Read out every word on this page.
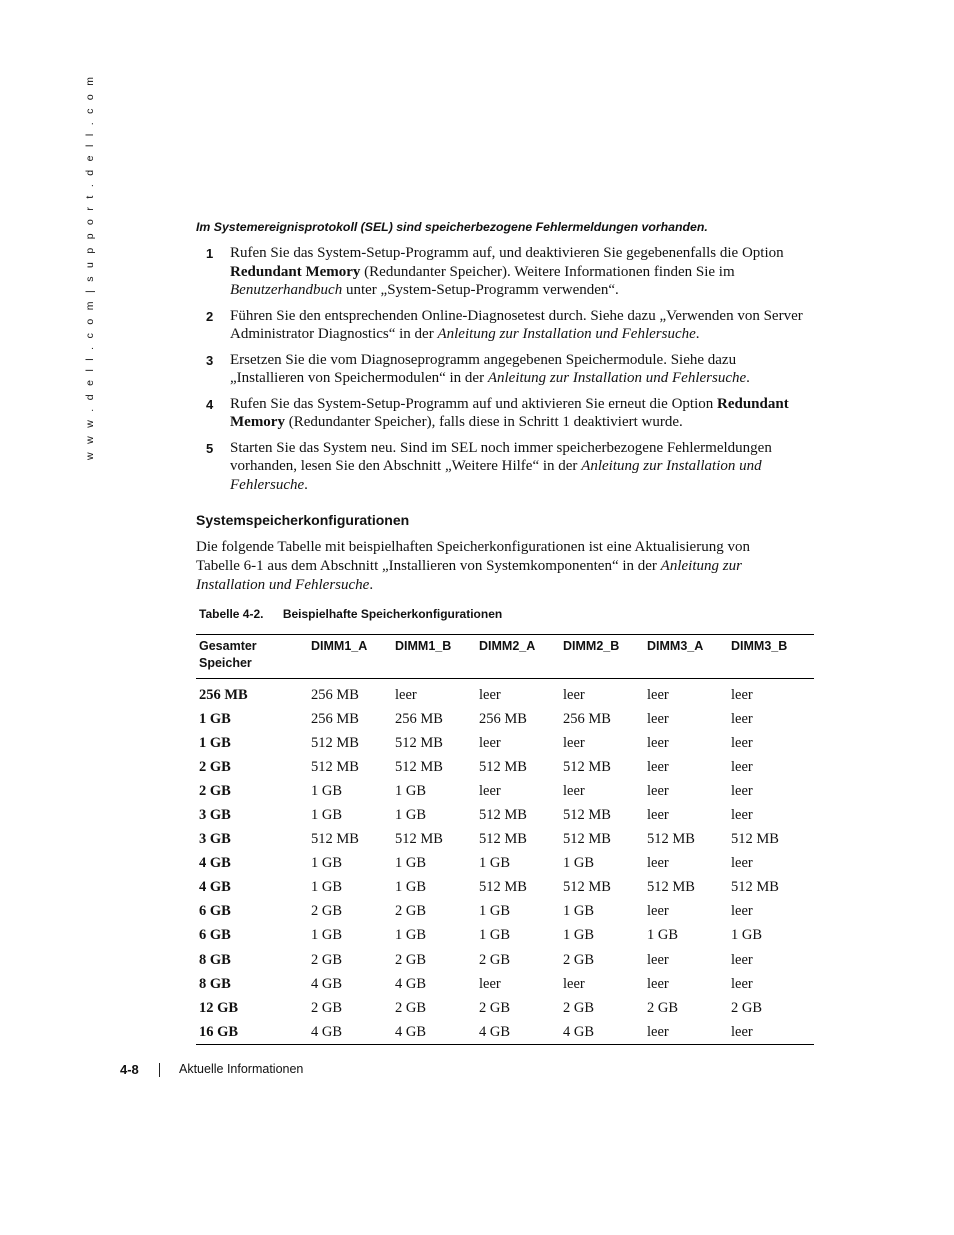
w w w . d e l l . c o m | s u p p o r t . d e l l . c o m	Im Systemereignisprotokoll (SEL) sind speicherbezogene Fehlermeldungen vorhanden.
1 Rufen Sie das System-Setup-Programm auf, und deaktivieren Sie gegebenenfalls die Option Redundant Memory (Redundanter Speicher). Weitere Informationen finden Sie im Benutzerhandbuch unter „System-Setup-Programm verwenden“.
2 Führen Sie den entsprechenden Online-Diagnosetest durch. Siehe dazu „Verwenden von Server Administrator Diagnostics“ in der Anleitung zur Installation und Fehlersuche.
3 Ersetzen Sie die vom Diagnoseprogramm angegebenen Speichermodule. Siehe dazu „Installieren von Speichermodulen“ in der Anleitung zur Installation und Fehlersuche.
4 Rufen Sie das System-Setup-Programm auf und aktivieren Sie erneut die Option Redundant Memory (Redundanter Speicher), falls diese in Schritt 1 deaktiviert wurde.
5 Starten Sie das System neu. Sind im SEL noch immer speicherbezogene Fehlermeldungen vorhanden, lesen Sie den Abschnitt „Weitere Hilfe“ in der Anleitung zur Installation und Fehlersuche.
Systemspeicherkonfigurationen

Die folgende Tabelle mit beispielhaften Speicherkonfigurationen ist eine Aktualisierung von Tabelle 6-1 aus dem Abschnitt „Installieren von Systemkomponenten“ in der Anleitung zur Installation und Fehlersuche.

Tabelle 4-2. Beispielhafte Speicherkonfigurationen
Gesamter Speicher	DIMM1_A	DIMM1_B	DIMM2_A	DIMM2_B	DIMM3_A	DIMM3_B
256 MB	256 MB	leer	leer	leer	leer	leer
1 GB	256 MB	256 MB	256 MB	256 MB	leer	leer
1 GB	512 MB	512 MB	leer	leer	leer	leer
2 GB	512 MB	512 MB	512 MB	512 MB	leer	leer
2 GB	1 GB	1 GB	leer	leer	leer	leer
3 GB	1 GB	1 GB	512 MB	512 MB	leer	leer
3 GB	512 MB	512 MB	512 MB	512 MB	512 MB	512 MB
4 GB	1 GB	1 GB	1 GB	1 GB	leer	leer
4 GB	1 GB	1 GB	512 MB	512 MB	512 MB	512 MB
6 GB	2 GB	2 GB	1 GB	1 GB	leer	leer
6 GB	1 GB	1 GB	1 GB	1 GB	1 GB	1 GB
8 GB	2 GB	2 GB	2 GB	2 GB	leer	leer
8 GB	4 GB	4 GB	leer	leer	leer	leer
12 GB	2 GB	2 GB	2 GB	2 GB	2 GB	2 GB
16 GB	4 GB	4 GB	4 GB	4 GB	leer	leer
4-8	Aktuelle Informationen
